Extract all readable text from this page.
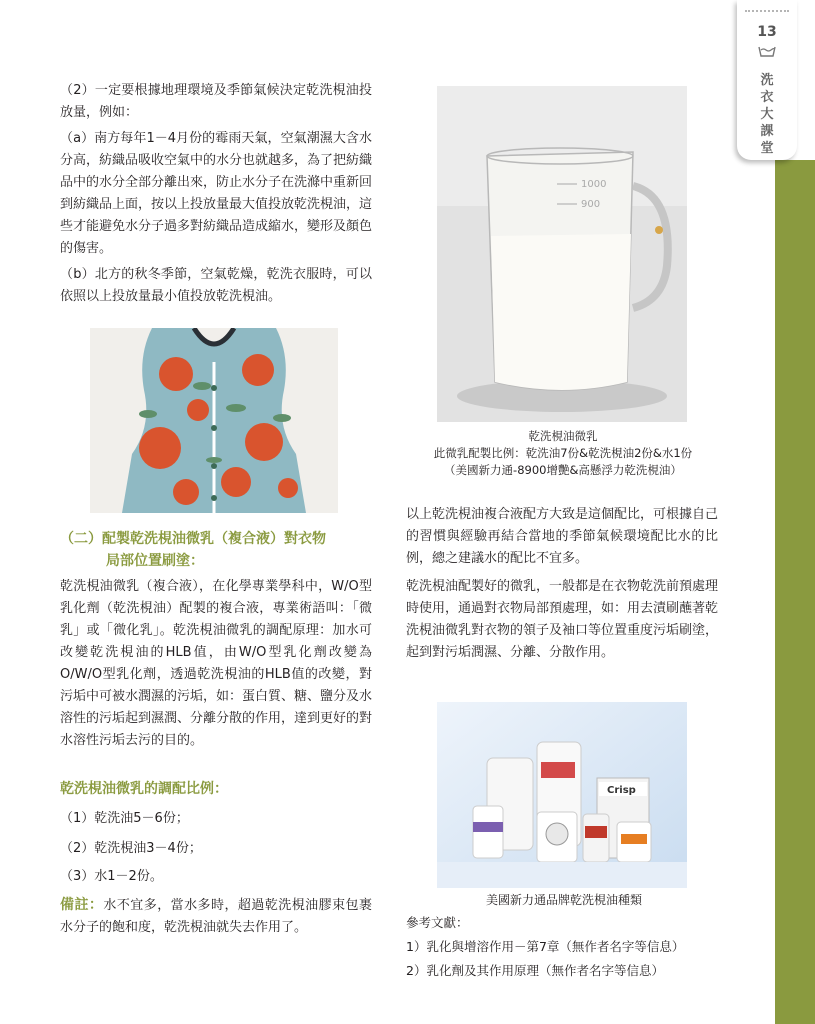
13
洗
衣
大
課
堂

（2）一定要根據地理環境及季節氣候決定乾洗梘油投放量，例如：

（a）南方每年1－4月份的霉雨天氣，空氣潮濕大含水分高，紡織品吸收空氣中的水分也就越多，為了把紡織品中的水分全部分離出來，防止水分子在洗滌中重新回到紡織品上面，按以上投放量最大值投放乾洗梘油，這些才能避免水分子過多對紡織品造成縮水，變形及顏色的傷害。

（b）北方的秋冬季節，空氣乾燥，乾洗衣服時，可以依照以上投放量最小值投放乾洗梘油。

（二）配製乾洗梘油微乳（複合液）對衣物
局部位置刷塗：

乾洗梘油微乳（複合液），在化學專業學科中，W/O型乳化劑（乾洗梘油）配製的複合液，專業術語叫：「微乳」或「微化乳」。乾洗梘油微乳的調配原理：加水可改變乾洗梘油的HLB值，由W/O型乳化劑改變為O/W/O型乳化劑，透過乾洗梘油的HLB值的改變，對污垢中可被水潤濕的污垢，如：蛋白質、糖、鹽分及水溶性的污垢起到濕潤、分離分散的作用，達到更好的對水溶性污垢去污的目的。

乾洗梘油微乳的調配比例：
（1）乾洗油5－6份；
（2）乾洗梘油3－4份；
（3）水1－2份。

備註：水不宜多，當水多時，超過乾洗梘油膠束包裹水分子的飽和度，乾洗梘油就失去作用了。

1000
900
乾洗梘油微乳
此微乳配製比例：乾洗油7份&乾洗梘油2份&水1份
（美國新力通-8900增艷&高懸浮力乾洗梘油）

以上乾洗梘油複合液配方大致是這個配比，可根據自己的習慣與經驗再結合當地的季節氣候環境配比水的比例，總之建議水的配比不宜多。

乾洗梘油配製好的微乳，一般都是在衣物乾洗前預處理時使用，通過對衣物局部預處理，如：用去漬刷蘸著乾洗梘油微乳對衣物的領子及袖口等位置重度污垢刷塗，起到對污垢潤濕、分離、分散作用。

Crisp
美國新力通品牌乾洗梘油種類
參考文獻：
1）乳化與增溶作用－第7章（無作者名字等信息）
2）乳化劑及其作用原理（無作者名字等信息）
